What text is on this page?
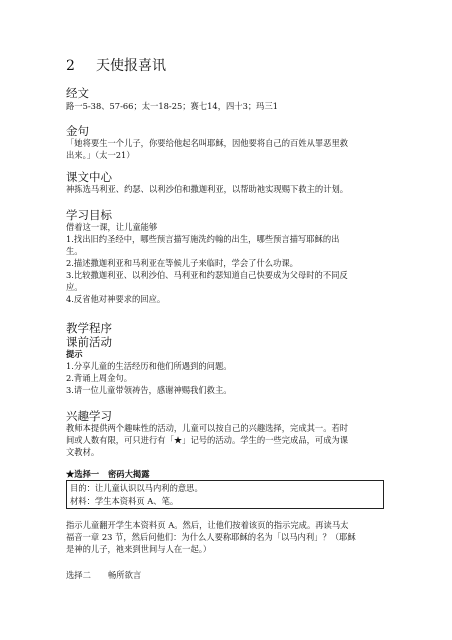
2 天使报喜讯
经文
路一5-38、57-66；太一18-25；赛七14，四十3；玛三1
金句
「她将要生一个儿子，你要给他起名叫耶稣，因他要将自己的百姓从罪恶里救
出来。」（太一21）
课文中心
神拣选马利亚、约瑟、以利沙伯和撒迦利亚，以帮助祂实现赐下救主的计划。
学习目标
借着这一课，让儿童能够
1.找出旧约圣经中，哪些预言描写施洗约翰的出生，哪些预言描写耶稣的出
生。
2.描述撒迦利亚和马利亚在等候儿子来临时，学会了什么功课。
3.比较撒迦利亚、以利沙伯、马利亚和约瑟知道自己快要成为父母时的不同反
应。
4.反省他对神要求的回应。
教学程序
课前活动
提示
1.分享儿童的生活经历和他们所遇到的问题。
2.背诵上周金句。
3.请一位儿童带领祷告，感谢神赐我们救主。
兴趣学习
教师本提供两个趣味性的活动，儿童可以按自己的兴趣选择，完成其一。若时
间或人数有限，可只进行有「★」记号的活动。学生的一些完成品，可成为课
文教材。
★选择一 密码大揭露
目的：让儿童认识以马内利的意思。
材料：学生本资料页 A、笔。
指示儿童翻开学生本资料页 A。然后，让他们按着该页的指示完成。再读马太
福音一章 23 节，然后问他们：为什么人要称耶稣的名为「以马内利」？（耶稣
是神的儿子，祂来到世间与人在一起。）
选择二 畅所欲言
